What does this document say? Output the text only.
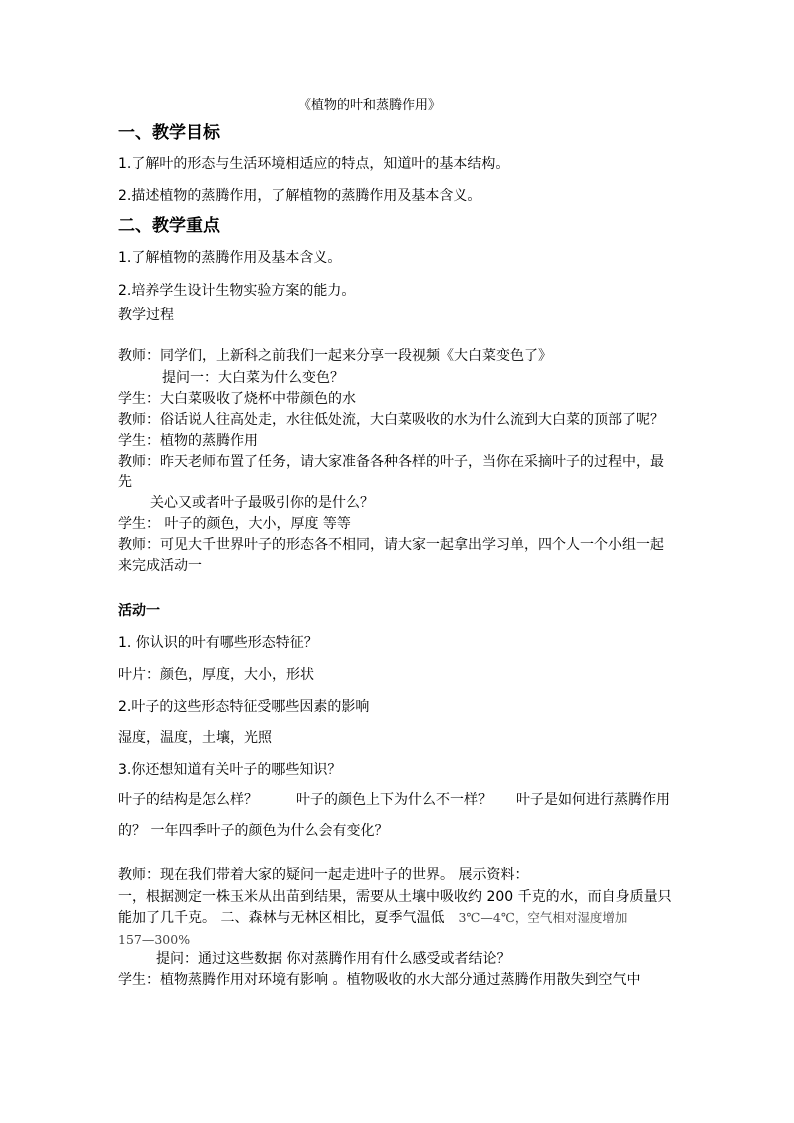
《植物的叶和蒸腾作用》
一、教学目标
1.了解叶的形态与生活环境相适应的特点，知道叶的基本结构。
2.描述植物的蒸腾作用，了解植物的蒸腾作用及基本含义。
二、教学重点
1.了解植物的蒸腾作用及基本含义。
2.培养学生设计生物实验方案的能力。
教学过程
教师：同学们，上新科之前我们一起来分享一段视频《大白菜变色了》
提问一：大白菜为什么变色？
学生：大白菜吸收了烧杯中带颜色的水
教师：俗话说人往高处走，水往低处流，大白菜吸收的水为什么流到大白菜的顶部了呢？
学生：植物的蒸腾作用
教师：昨天老师布置了任务，请大家准备各种各样的叶子，当你在采摘叶子的过程中，最
先
关心又或者叶子最吸引你的是什么？
学生： 叶子的颜色，大小，厚度 等等
教师：可见大千世界叶子的形态各不相同，请大家一起拿出学习单，四个人一个小组一起
来完成活动一
活动一
1. 你认识的叶有哪些形态特征？
叶片：颜色，厚度，大小，形状
2.叶子的这些形态特征受哪些因素的影响
湿度，温度，土壤，光照
3.你还想知道有关叶子的哪些知识？
叶子的结构是怎么样？	叶子的颜色上下为什么不一样？ 叶子是如何进行蒸腾作用
的？ 一年四季叶子的颜色为什么会有变化？
教师：现在我们带着大家的疑问一起走进叶子的世界。 展示资料：
一，根据测定一株玉米从出苗到结果，需要从土壤中吸收约 200 千克的水，而自身质量只
能加了几千克。 二、森林与无林区相比，夏季气温低 3℃—4℃，空气相对湿度增加
157—300%
提问：通过这些数据 你对蒸腾作用有什么感受或者结论？
学生：植物蒸腾作用对环境有影响 。植物吸收的水大部分通过蒸腾作用散失到空气中
